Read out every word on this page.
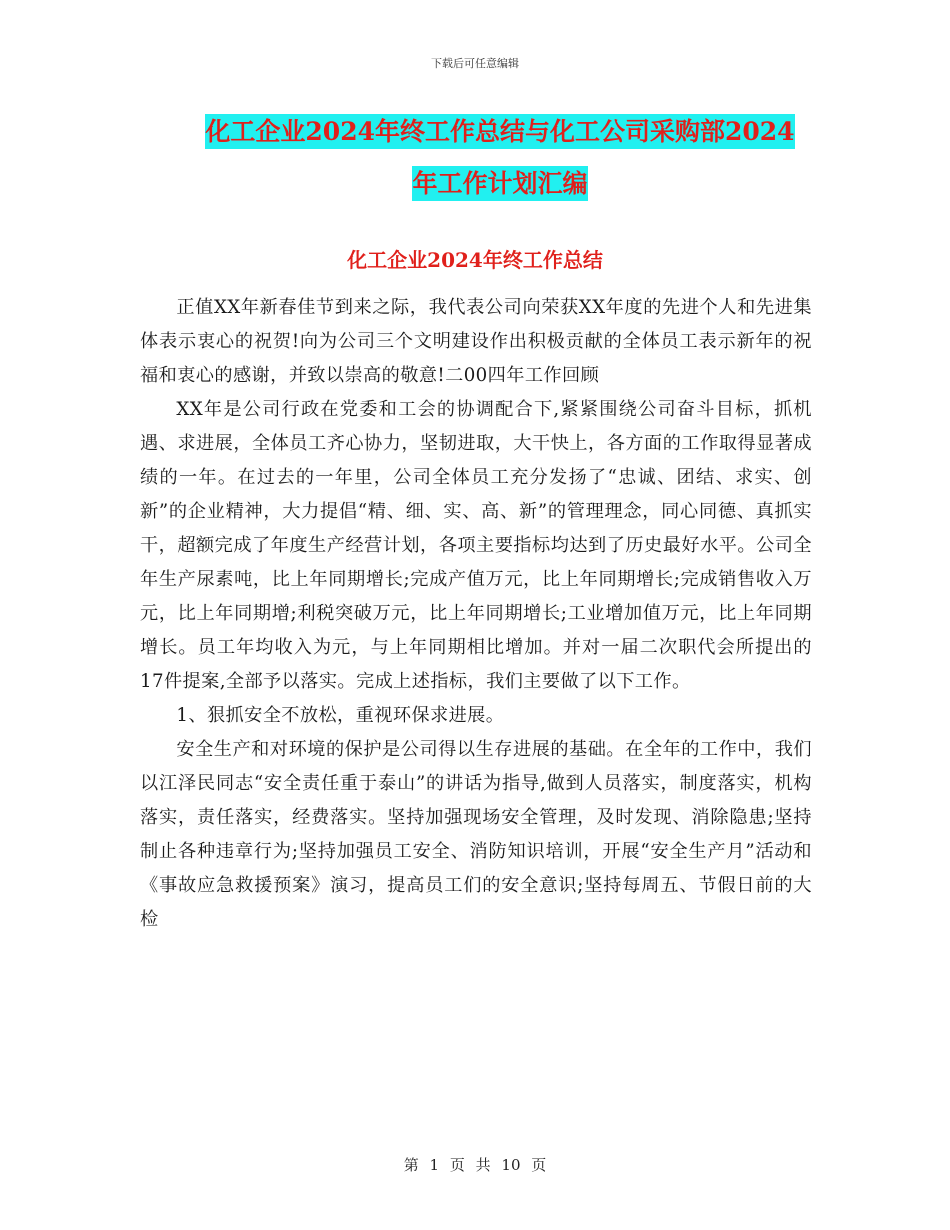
下载后可任意编辑
化工企业2024年终工作总结与化工公司采购部2024
年工作计划汇编
化工企业2024年终工作总结

正值XX年新春佳节到来之际，我代表公司向荣获XX年度的先进个人和先进集体表示衷心的祝贺!向为公司三个文明建设作出积极贡献的全体员工表示新年的祝福和衷心的感谢，并致以崇高的敬意!二00四年工作回顾

XX年是公司行政在党委和工会的协调配合下,紧紧围绕公司奋斗目标，抓机遇、求进展，全体员工齐心协力，坚韧进取，大干快上，各方面的工作取得显著成绩的一年。在过去的一年里，公司全体员工充分发扬了“忠诚、团结、求实、创新”的企业精神，大力提倡“精、细、实、高、新”的管理理念，同心同德、真抓实干，超额完成了年度生产经营计划，各项主要指标均达到了历史最好水平。公司全年生产尿素吨，比上年同期增长;完成产值万元，比上年同期增长;完成销售收入万元，比上年同期增;利税突破万元，比上年同期增长;工业增加值万元，比上年同期增长。员工年均收入为元，与上年同期相比增加。并对一届二次职代会所提出的17件提案,全部予以落实。完成上述指标，我们主要做了以下工作。

1、狠抓安全不放松，重视环保求进展。

安全生产和对环境的保护是公司得以生存进展的基础。在全年的工作中，我们以江泽民同志“安全责任重于泰山”的讲话为指导,做到人员落实，制度落实，机构落实，责任落实，经费落实。坚持加强现场安全管理，及时发现、消除隐患;坚持制止各种违章行为;坚持加强员工安全、消防知识培训，开展“安全生产月”活动和《事故应急救援预案》演习，提高员工们的安全意识;坚持每周五、节假日前的大检

第 1 页 共 10 页
